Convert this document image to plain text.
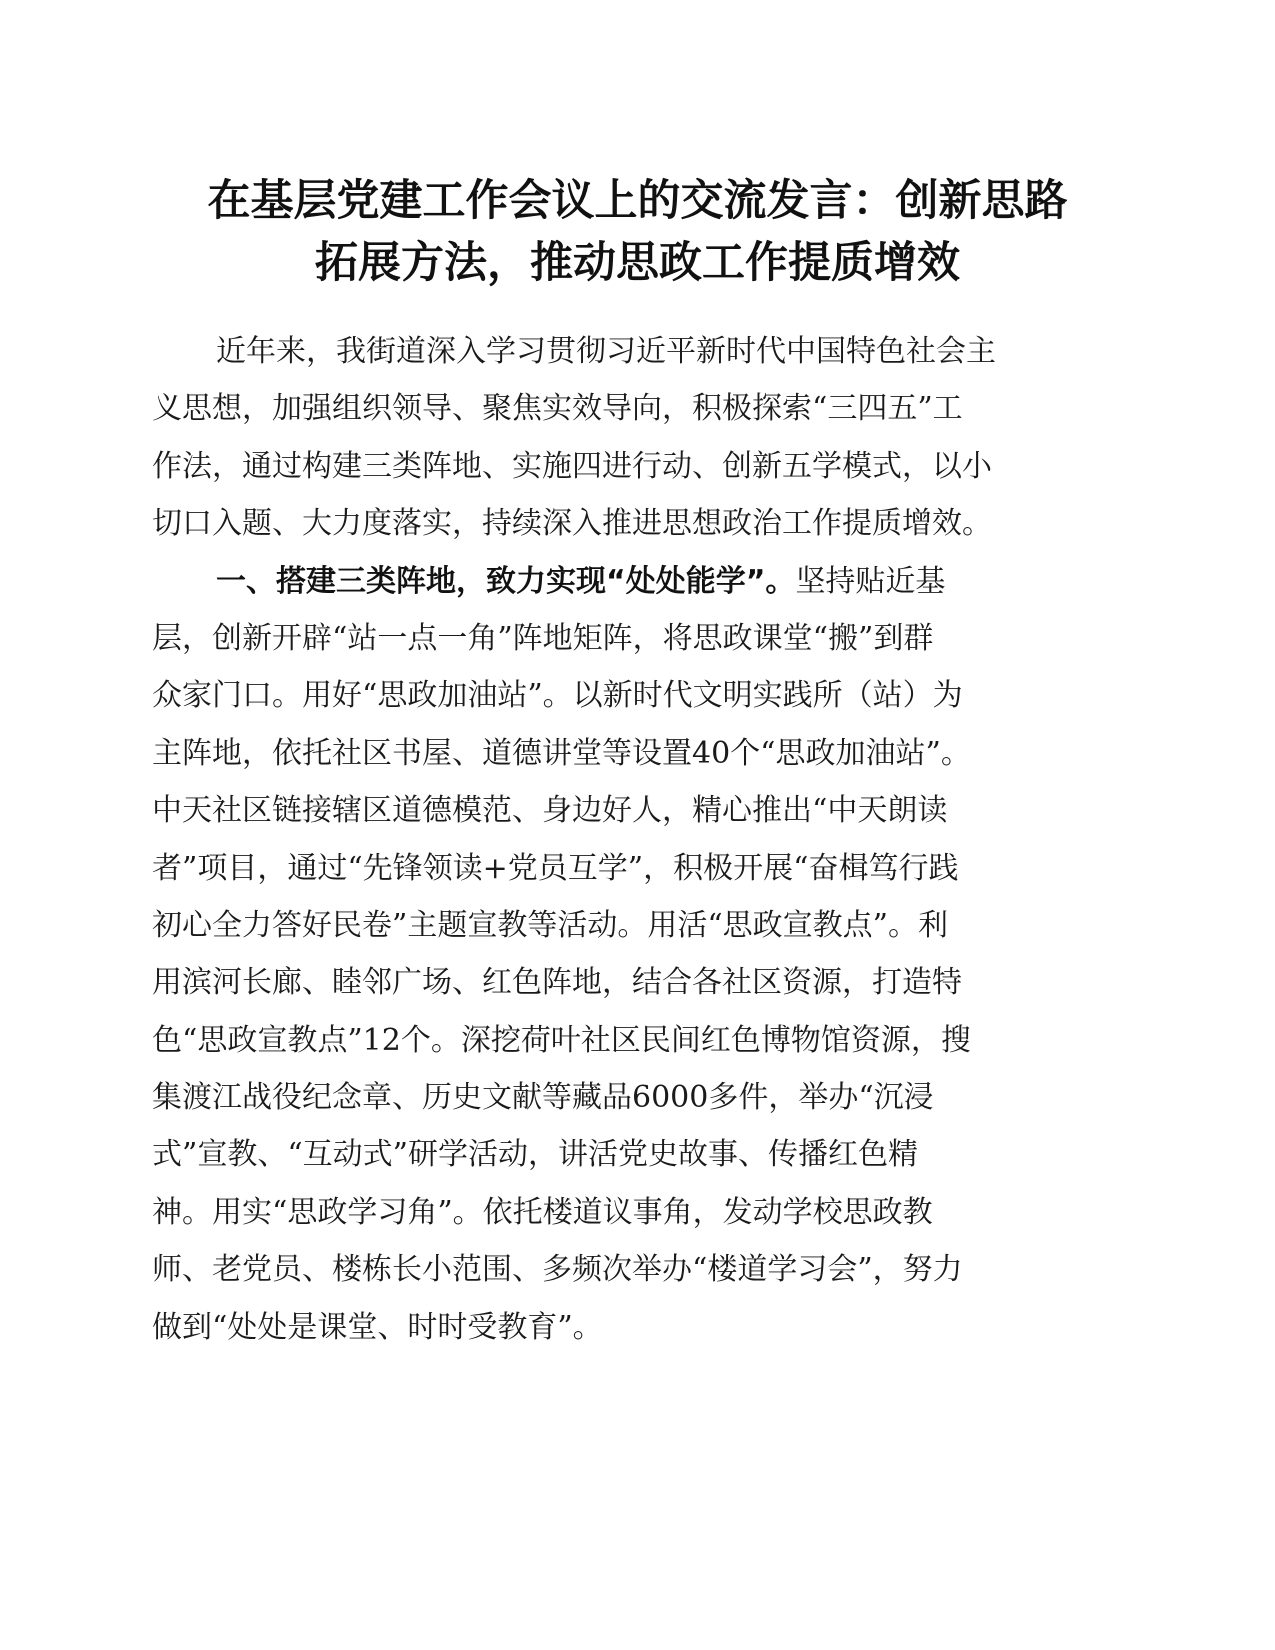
在基层党建工作会议上的交流发言：创新思路
拓展方法，推动思政工作提质增效
近年来，我街道深入学习贯彻习近平新时代中国特色社会主
义思想，加强组织领导、聚焦实效导向，积极探索“三四五”工
作法，通过构建三类阵地、实施四进行动、创新五学模式，以小
切口入题、大力度落实，持续深入推进思想政治工作提质增效。
一、搭建三类阵地，致力实现“处处能学”。坚持贴近基
层，创新开辟“站一点一角”阵地矩阵，将思政课堂“搬”到群
众家门口。用好“思政加油站”。以新时代文明实践所（站）为
主阵地，依托社区书屋、道德讲堂等设置40个“思政加油站”。
中天社区链接辖区道德模范、身边好人，精心推出“中天朗读
者”项目，通过“先锋领读+党员互学”，积极开展“奋楫笃行践
初心全力答好民卷”主题宣教等活动。用活“思政宣教点”。利
用滨河长廊、睦邻广场、红色阵地，结合各社区资源，打造特
色“思政宣教点”12个。深挖荷叶社区民间红色博物馆资源，搜
集渡江战役纪念章、历史文献等藏品6000多件，举办“沉浸
式”宣教、“互动式”研学活动，讲活党史故事、传播红色精
神。用实“思政学习角”。依托楼道议事角，发动学校思政教
师、老党员、楼栋长小范围、多频次举办“楼道学习会”，努力
做到“处处是课堂、时时受教育”。
